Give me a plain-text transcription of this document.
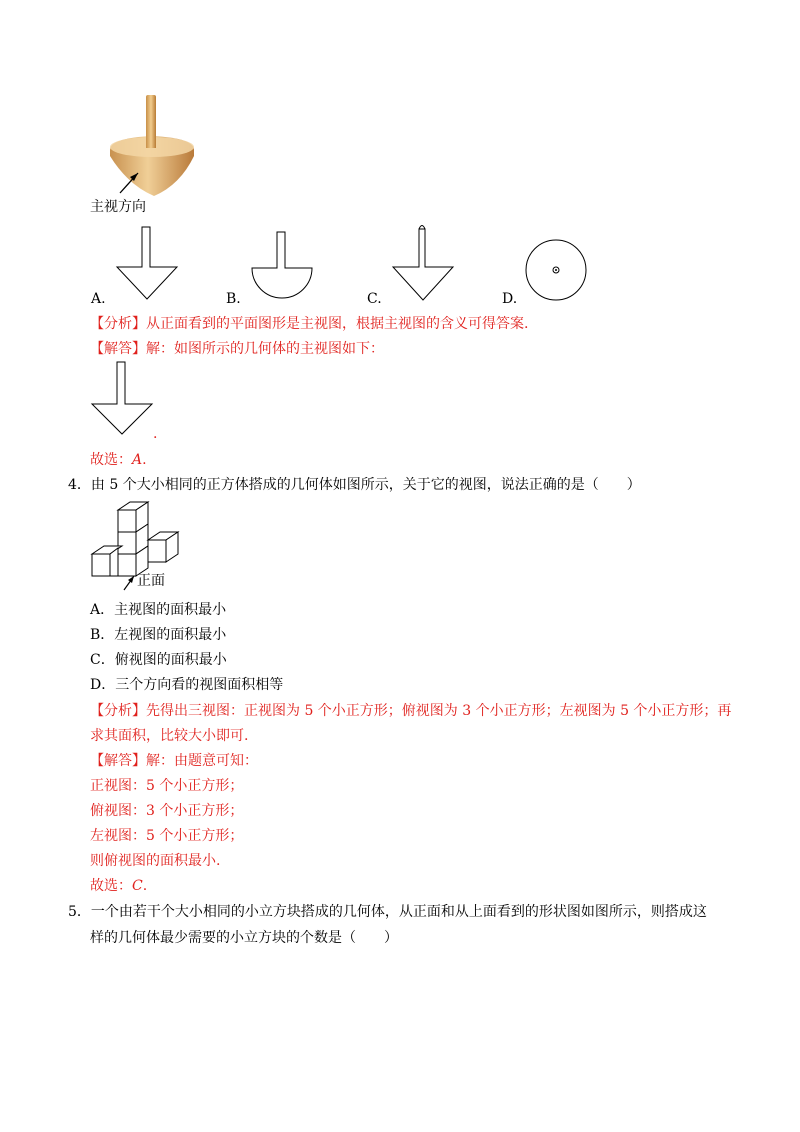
主视方向
A.	B.	C.	D.
【分析】从正面看到的平面图形是主视图，根据主视图的含义可得答案.
【解答】解：如图所示的几何体的主视图如下：
.
故选：A.
4．由 5 个大小相同的正方体搭成的几何体如图所示，关于它的视图，说法正确的是（　　）
正面
A．主视图的面积最小
B．左视图的面积最小
C．俯视图的面积最小
D．三个方向看的视图面积相等
【分析】先得出三视图：正视图为 5 个小正方形；俯视图为 3 个小正方形；左视图为 5 个小正方形；再
求其面积，比较大小即可.
【解答】解：由题意可知：
正视图：5 个小正方形；
俯视图：3 个小正方形；
左视图：5 个小正方形；
则俯视图的面积最小.
故选：C.
5．一个由若干个大小相同的小立方块搭成的几何体，从正面和从上面看到的形状图如图所示，则搭成这
样的几何体最少需要的小立方块的个数是（　　）
